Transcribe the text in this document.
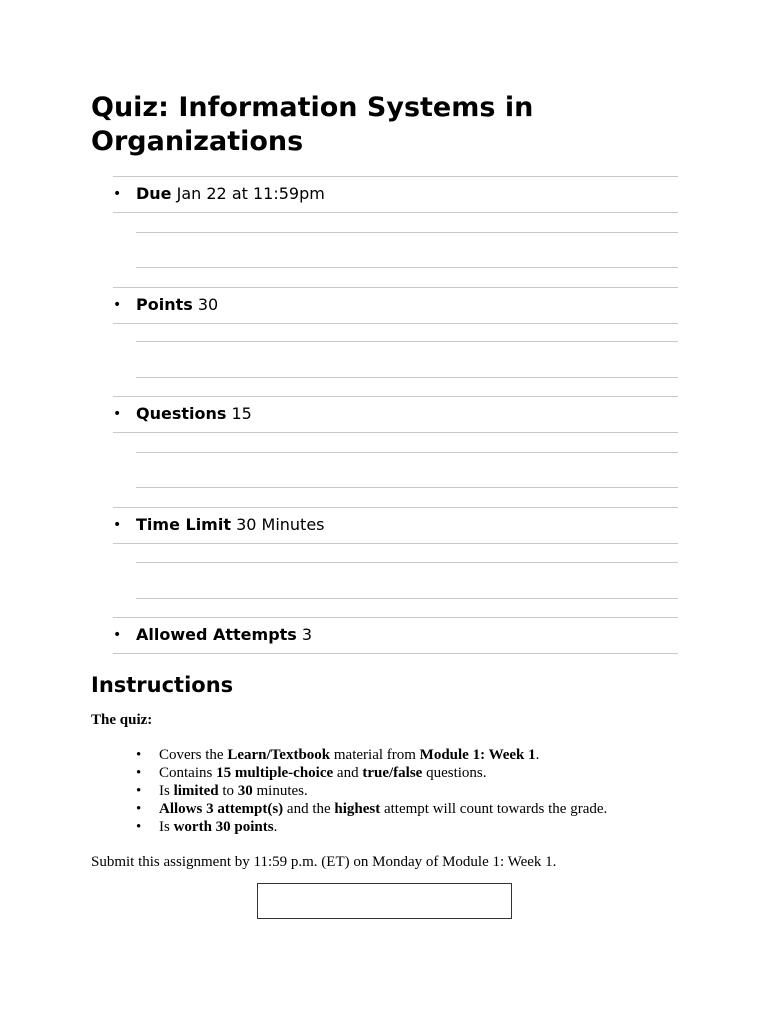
Quiz: Information Systems in Organizations
• Due Jan 22 at 11:59pm
• Points 30
• Questions 15
• Time Limit 30 Minutes
• Allowed Attempts 3
Instructions

The quiz:

• Covers the Learn/Textbook material from Module 1: Week 1.
• Contains 15 multiple-choice and true/false questions.
• Is limited to 30 minutes.
• Allows 3 attempt(s) and the highest attempt will count towards the grade.
• Is worth 30 points.

Submit this assignment by 11:59 p.m. (ET) on Monday of Module 1: Week 1.
